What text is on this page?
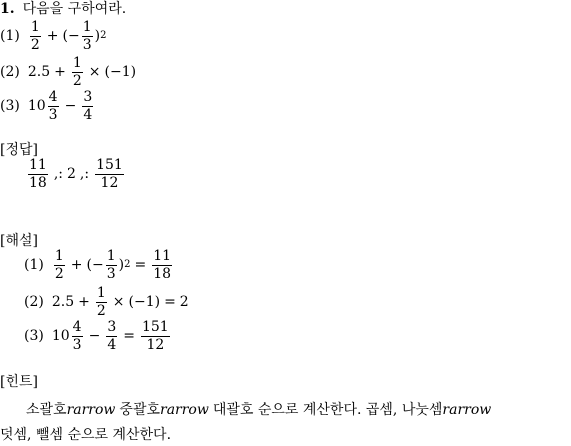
1. 다음을 구하여라.
$(1) \frac{1}{2}$ + (− $\frac{1}{3}$ ) 2
(2) $2.5 + \frac{1}{2} \times (-1)$
(3) $10 \frac{4}{3} - \frac{3}{4}$
[정답]
$\frac{11}{18}$ ,: 2 ,: $\frac{151}{12}$
[해설]
$(1) \frac{1}{2}$ + (− $\frac{1}{3}$ ) $2 = \frac{11}{18}$
(2) $2.5 + \frac{1}{2} \times (-1) = 2$
(3) $10 \frac{4}{3} - \frac{3}{4} = \frac{151}{12}$
[힌트]
소괄호 rarrow 중괄호 rarrow 대괄호 순으로 계산한다. 곱셈, 나눗셈 rarrow
덧셈, 뺄셈 순으로 계산한다.
